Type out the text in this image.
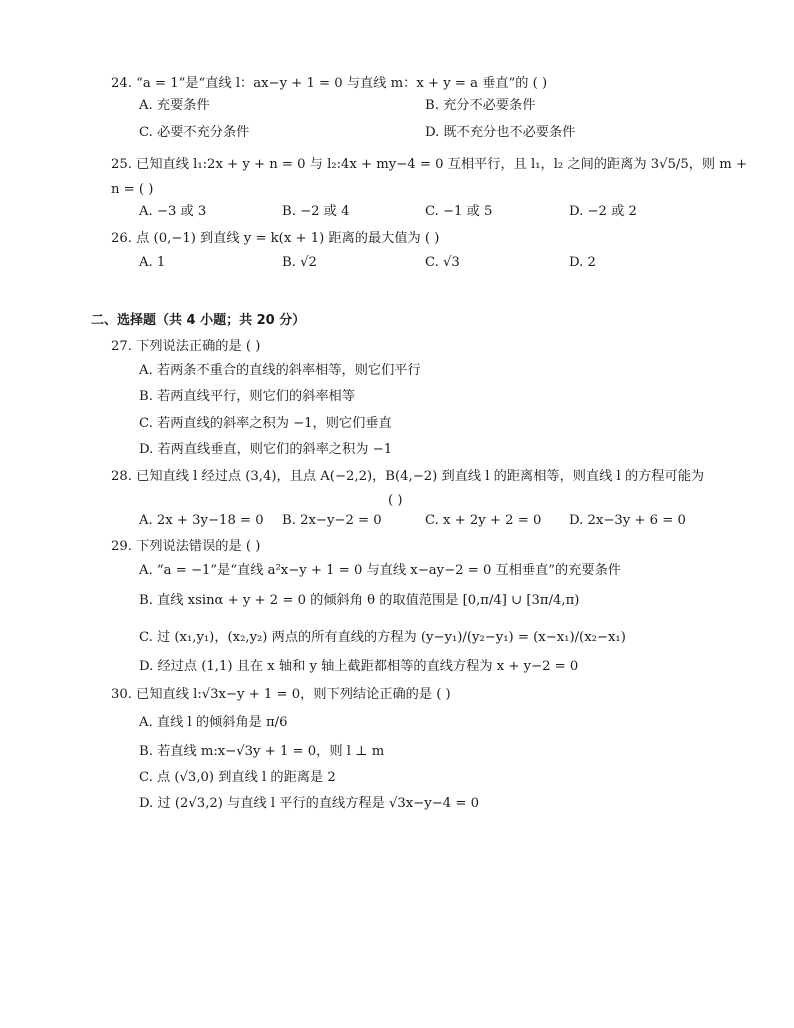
24. “a = 1”是“直线 l：ax−y + 1 = 0 与直线 m：x + y = a 垂直”的 ( )
A. 充要条件	B. 充分不必要条件
C. 必要不充分条件	D. 既不充分也不必要条件
25. 已知直线 l₁:2x + y + n = 0 与 l₂:4x + my−4 = 0 互相平行，且 l₁，l₂ 之间的距离为 3√5/5，则 m +
n = ( )
A. −3 或 3	B. −2 或 4	C. −1 或 5	D. −2 或 2
26. 点 (0,−1) 到直线 y = k(x + 1) 距离的最大值为 ( )
A. 1	B. √2	C. √3	D. 2
二、选择题（共 4 小题；共 20 分）
27. 下列说法正确的是 ( )
A. 若两条不重合的直线的斜率相等，则它们平行
B. 若两直线平行，则它们的斜率相等
C. 若两直线的斜率之积为 −1，则它们垂直
D. 若两直线垂直，则它们的斜率之积为 −1
28. 已知直线 l 经过点 (3,4)，且点 A(−2,2)，B(4,−2) 到直线 l 的距离相等，则直线 l 的方程可能为
( )
A. 2x + 3y−18 = 0 B. 2x−y−2 = 0	C. x + 2y + 2 = 0 D. 2x−3y + 6 = 0
29. 下列说法错误的是 ( )
A. “a = −1”是“直线 a²x−y + 1 = 0 与直线 x−ay−2 = 0 互相垂直”的充要条件
B. 直线 xsinα + y + 2 = 0 的倾斜角 θ 的取值范围是 [0,π/4] ∪ [3π/4,π)
C. 过 (x₁,y₁)，(x₂,y₂) 两点的所有直线的方程为 (y−y₁)/(y₂−y₁) = (x−x₁)/(x₂−x₁)
D. 经过点 (1,1) 且在 x 轴和 y 轴上截距都相等的直线方程为 x + y−2 = 0
30. 已知直线 l:√3x−y + 1 = 0，则下列结论正确的是 ( )
A. 直线 l 的倾斜角是 π/6
B. 若直线 m:x−√3y + 1 = 0，则 l ⊥ m
C. 点 (√3,0) 到直线 l 的距离是 2
D. 过 (2√3,2) 与直线 l 平行的直线方程是 √3x−y−4 = 0
